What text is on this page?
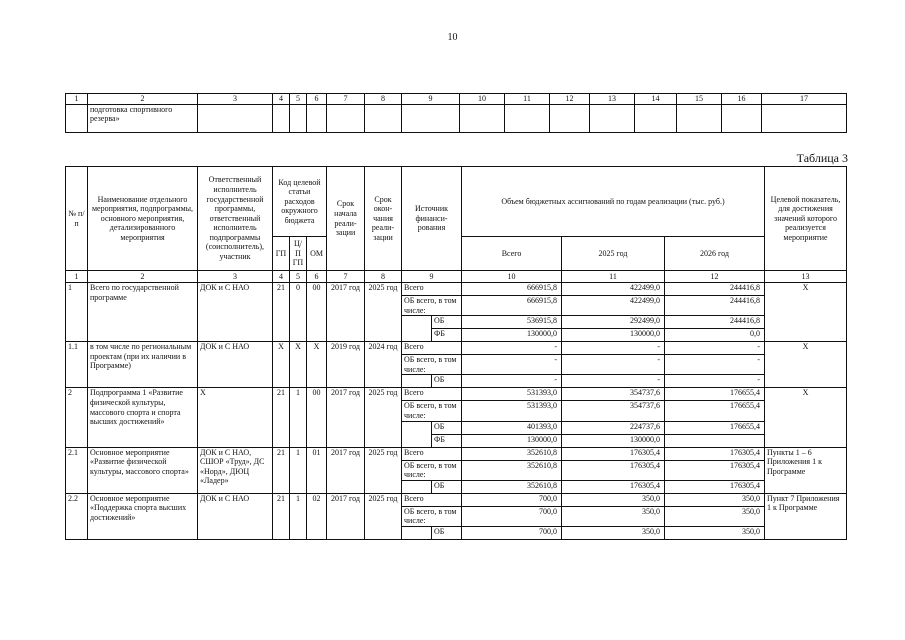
10
1	2	3	4	5	6	7	8	9	10	11	12	13	14	15	16	17
	подготовка спортивного резерва»															
Таблица 3
№ п/п	Наименование отдельного мероприятия, подпрограммы, основного мероприятия, детализированного мероприятия	Ответственный исполнитель государственной программы, ответственный исполнитель подпрограммы (соисполнитель), участник	Код целевой статьи расходов окружного бюджета			Срок начала реали-зации	Срок окон-чания реали-зации	Источник финанси-рования		Объем бюджетных ассигнований по годам реализации (тыс. руб.)			Целевой показатель, для достижения значений которого реализуется мероприятие
			ГП	Ц/П ГП	ОМ					Всего	2025 год	2026 год	
1	2	3	4	5	6	7	8	9		10	11	12	13
1	Всего по государственной программе	ДОК и С НАО	21	0	00	2017 год	2025 год	Всего		666915,8	422499,0	244416,8	Х
								ОБ всего, в том числе:		666915,8	422499,0	244416,8	
									ОБ	536915,8	292499,0	244416,8	
									ФБ	130000,0	130000,0	0,0	
1.1	в том числе по региональным проектам (при их наличии в Программе)	ДОК и С НАО	Х	Х	Х	2019 год	2024 год	Всего		-	-	-	Х
								ОБ всего, в том числе:		-	-	-	
									ОБ	-	-	-	
2	Подпрограмма 1 «Развитие физической культуры, массового спорта и спорта высших достижений»	Х	21	1	00	2017 год	2025 год	Всего		531393,0	354737,6	176655,4	Х
								ОБ всего, в том числе:		531393,0	354737,6	176655,4	
									ОБ	401393,0	224737,6	176655,4	
									ФБ	130000,0	130000,0		
2.1	Основное мероприятие «Развитие физической культуры, массового спорта»	ДОК и С НАО, СШОР «Труд», ДС «Норд», ДЮЦ «Ладер»	21	1	01	2017 год	2025 год	Всего		352610,8	176305,4	176305,4	Пункты 1 – 6 Приложения 1 к Программе
								ОБ всего, в том числе:		352610,8	176305,4	176305,4	
									ОБ	352610,8	176305,4	176305,4	
2.2	Основное мероприятие «Поддержка спорта высших достижений»	ДОК и С НАО	21	1	02	2017 год	2025 год	Всего		700,0	350,0	350,0	Пункт 7 Приложения 1 к Программе
								ОБ всего, в том числе:		700,0	350,0	350,0	
									ОБ	700,0	350,0	350,0	
